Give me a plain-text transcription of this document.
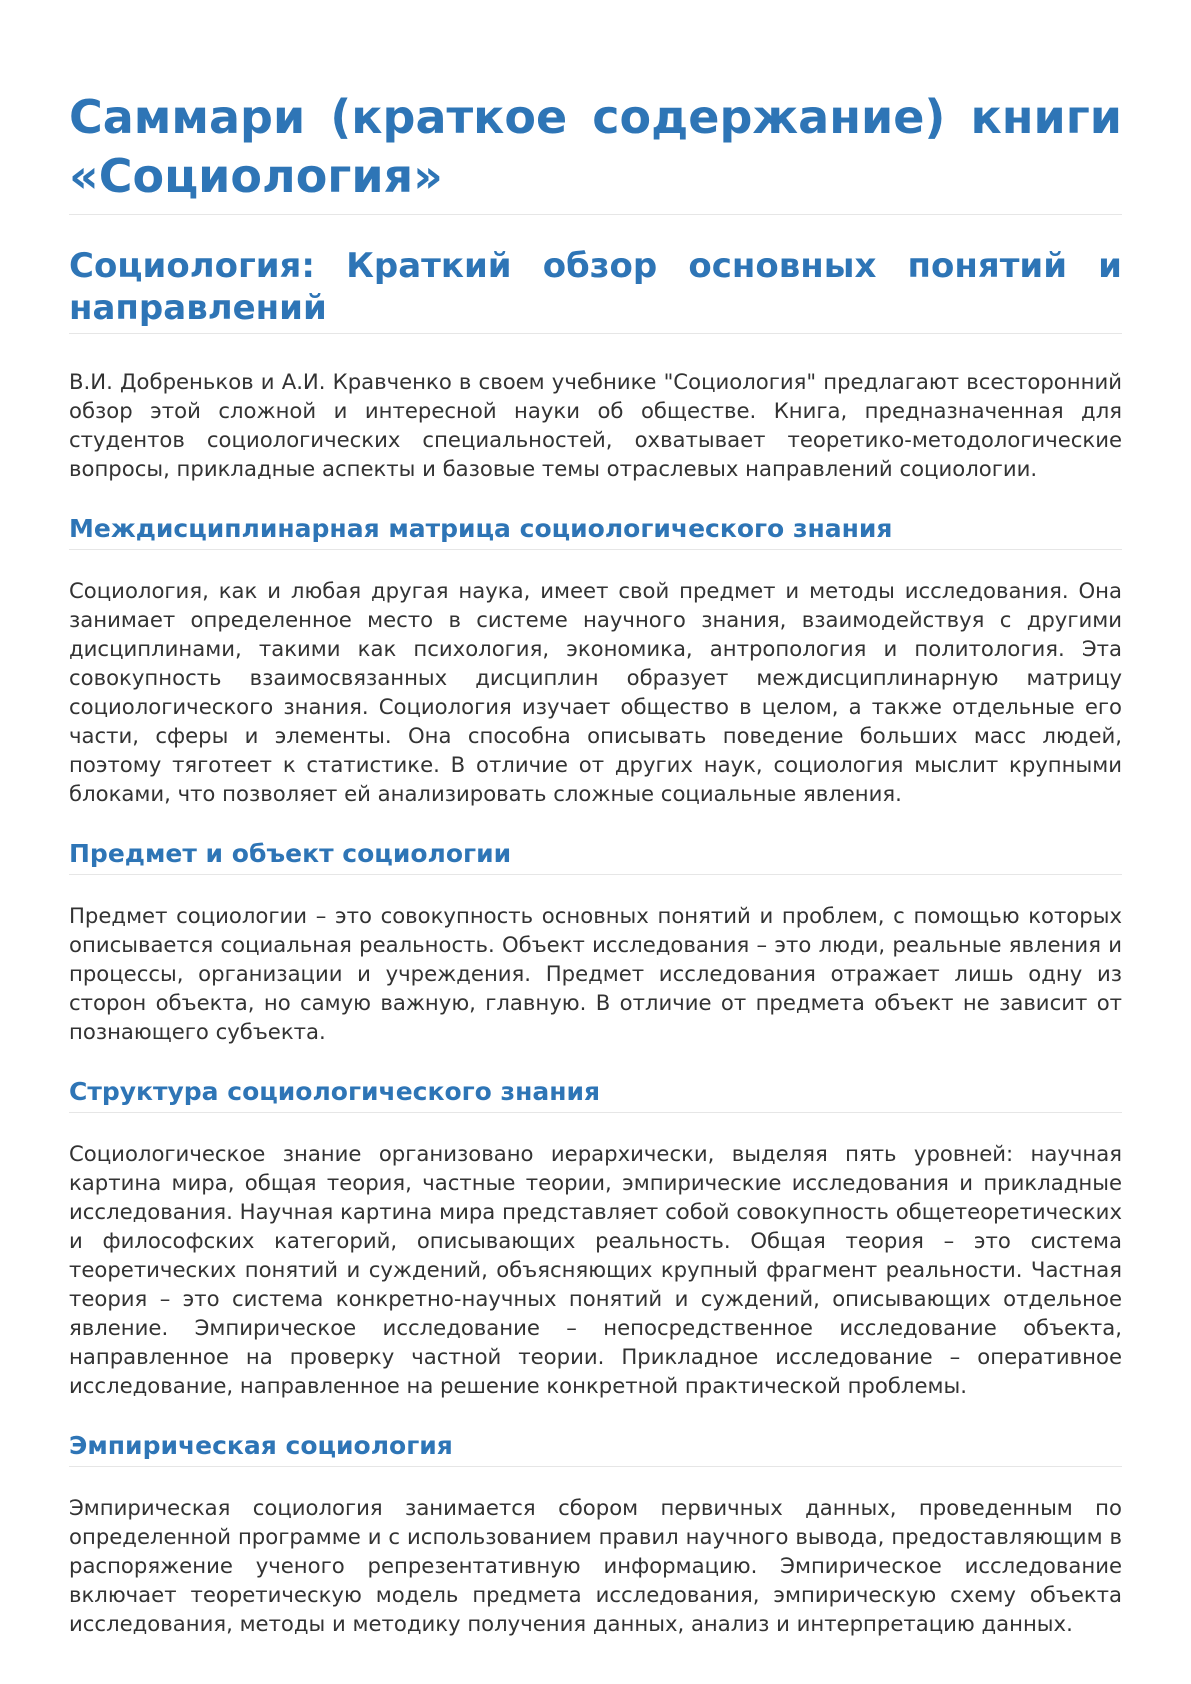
Саммари (краткое содержание) книги «Социология»
Социология: Краткий обзор основных понятий и направлений

В.И. Добреньков и А.И. Кравченко в своем учебнике "Социология" предлагают всесторонний обзор этой сложной и интересной науки об обществе. Книга, предназначенная для студентов социологических специальностей, охватывает теоретико-методологические вопросы, прикладные аспекты и базовые темы отраслевых направлений социологии.

Междисциплинарная матрица социологического знания

Социология, как и любая другая наука, имеет свой предмет и методы исследования. Она занимает определенное место в системе научного знания, взаимодействуя с другими дисциплинами, такими как психология, экономика, антропология и политология. Эта совокупность взаимосвязанных дисциплин образует междисциплинарную матрицу социологического знания. Социология изучает общество в целом, а также отдельные его части, сферы и элементы. Она способна описывать поведение больших масс людей, поэтому тяготеет к статистике. В отличие от других наук, социология мыслит крупными блоками, что позволяет ей анализировать сложные социальные явления.

Предмет и объект социологии

Предмет социологии – это совокупность основных понятий и проблем, с помощью которых описывается социальная реальность. Объект исследования – это люди, реальные явления и процессы, организации и учреждения. Предмет исследования отражает лишь одну из сторон объекта, но самую важную, главную. В отличие от предмета объект не зависит от познающего субъекта.

Структура социологического знания

Социологическое знание организовано иерархически, выделяя пять уровней: научная картина мира, общая теория, частные теории, эмпирические исследования и прикладные исследования. Научная картина мира представляет собой совокупность общетеоретических и философских категорий, описывающих реальность. Общая теория – это система теоретических понятий и суждений, объясняющих крупный фрагмент реальности. Частная теория – это система конкретно-научных понятий и суждений, описывающих отдельное явление. Эмпирическое исследование – непосредственное исследование объекта, направленное на проверку частной теории. Прикладное исследование – оперативное исследование, направленное на решение конкретной практической проблемы.

Эмпирическая социология

Эмпирическая социология занимается сбором первичных данных, проведенным по определенной программе и с использованием правил научного вывода, предоставляющим в распоряжение ученого репрезентативную информацию. Эмпирическое исследование включает теоретическую модель предмета исследования, эмпирическую схему объекта исследования, методы и методику получения данных, анализ и интерпретацию данных.
